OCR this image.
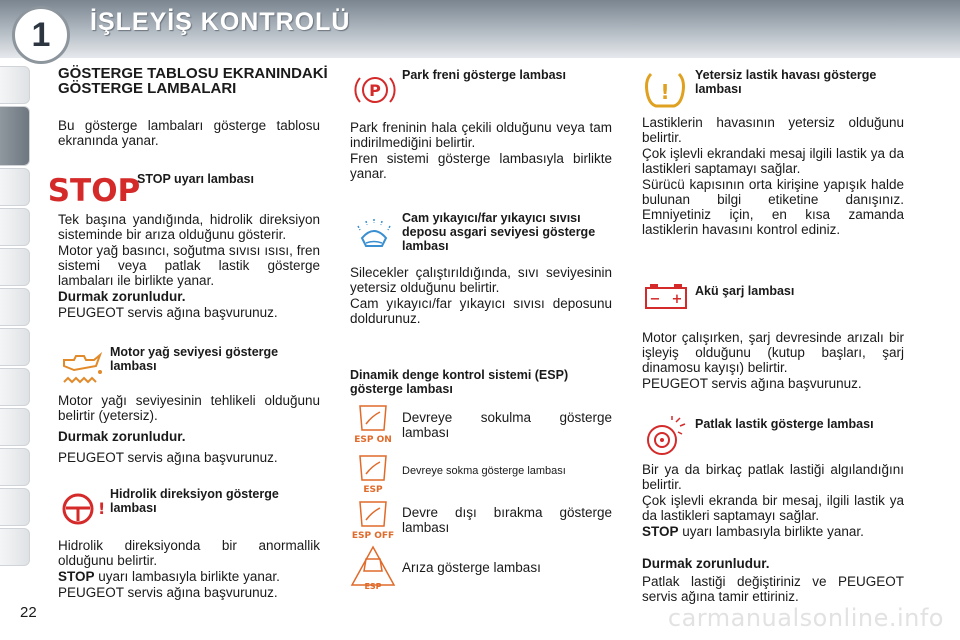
1	İŞLEYİŞ KONTROLÜ
GÖSTERGE TABLOSU EKRANINDAKİ GÖSTERGE LAMBALARI
Bu gösterge lambaları gösterge tablosu ekranında yanar.
STOP
STOP uyarı lambası

Tek başına yandığında, hidrolik direksiyon sisteminde bir arıza olduğunu gösterir.

Motor yağ basıncı, soğutma sıvısı ısısı, fren sistemi veya patlak lastik gösterge lambaları ile birlikte yanar.

Durmak zorunludur.

PEUGEOT servis ağına başvurunuz.

Motor yağ seviyesi gösterge lambası

Motor yağı seviyesinin tehlikeli olduğunu belirtir (yetersiz).

Durmak zorunludur.

PEUGEOT servis ağına başvurunuz.

!
Hidrolik direksiyon gösterge lambası

Hidrolik direksiyonda bir anormallik olduğunu belirtir.

STOP uyarı lambasıyla birlikte yanar.

PEUGEOT servis ağına başvurunuz.

P
Park freni gösterge lambası

Park freninin hala çekili olduğunu veya tam indirilmediğini belirtir.

Fren sistemi gösterge lambasıyla birlikte yanar.

Cam yıkayıcı/far yıkayıcı sıvısı deposu asgari seviyesi gösterge lambası

Silecekler çalıştırıldığında, sıvı seviyesinin yetersiz olduğunu belirtir.

Cam yıkayıcı/far yıkayıcı sıvısı deposunu doldurunuz.

Dinamik denge kontrol sistemi (ESP) gösterge lambası
ESP ON
Devreye sokulma gösterge lambası
ESP
Devreye sokma gösterge lambası
ESP OFF
Devre dışı bırakma gösterge lambası
ESP
Arıza gösterge lambası
!
Yetersiz lastik havası gösterge lambası

Lastiklerin havasının yetersiz olduğunu belirtir.

Çok işlevli ekrandaki mesaj ilgili lastik ya da lastikleri saptamayı sağlar.

Sürücü kapısının orta kirişine yapışık halde bulunan bilgi etiketine danışınız. Emniyetiniz için, en kısa zamanda lastiklerin havasını kontrol ediniz.

− +
Akü şarj lambası

Motor çalışırken, şarj devresinde arızalı bir işleyiş olduğunu (kutup başları, şarj dinamosu kayışı) belirtir.

PEUGEOT servis ağına başvurunuz.

Patlak lastik gösterge lambası

Bir ya da birkaç patlak lastiği algılandığını belirtir.

Çok işlevli ekranda bir mesaj, ilgili lastik ya da lastikleri saptamayı sağlar.

STOP uyarı lambasıyla birlikte yanar.

Durmak zorunludur.
Patlak lastiği değiştiriniz ve PEUGEOT servis ağına tamir ettiriniz.
22	carmanualsonline.info
